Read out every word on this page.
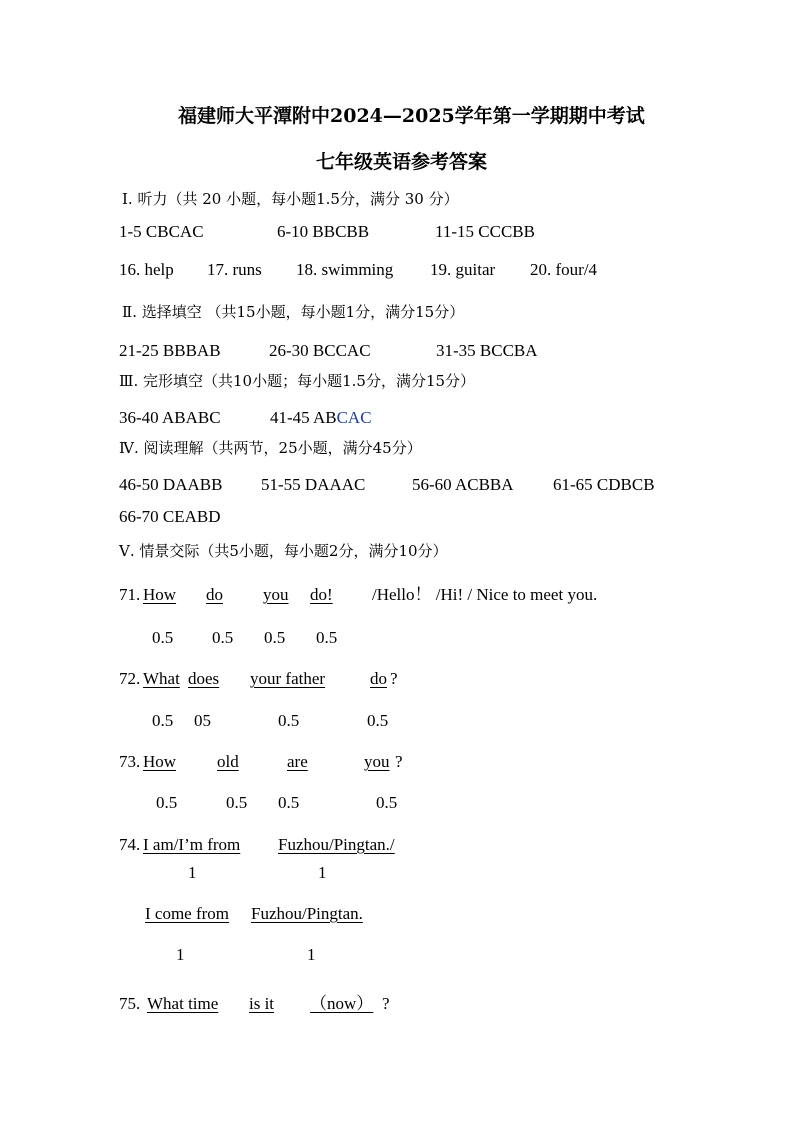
福建师大平潭附中2024—2025学年第一学期期中考试
七年级英语参考答案
Ⅰ. 听力（共 20 小题，每小题1.5分，满分 30 分）
1-5 CBCAC	6-10 BBCBB	11-15 CCCBB
16. help 17. runs 18. swimming 19. guitar 20. four/4
Ⅱ. 选择填空 （共15小题，每小题1分，满分15分）
21-25 BBBAB	26-30 BCCAC	31-35 BCCBA
Ⅲ. 完形填空（共10小题；每小题1.5分，满分15分）
36-40 ABABC	41-45 ABCAC
Ⅳ. 阅读理解（共两节，25小题，满分45分）
46-50 DAABB 51-55 DAAAC	56-60 ACBBA 61-65 CDBCB
66-70 CEABD
Ⅴ. 情景交际（共5小题，每小题2分，满分10分）
71. How	do you do! /Hello！ /Hi! / Nice to meet you.
0.5 0.5 0.5 0.5
72. What does	your father	do ?
0.5 05	0.5	0.5
73. How	old	are	you ?
0.5	0.5 0.5	0.5
74. I am/I’m from Fuzhou/Pingtan./
1	1
I come from Fuzhou/Pingtan.
1	1
75. What time	is it	（now） ?
